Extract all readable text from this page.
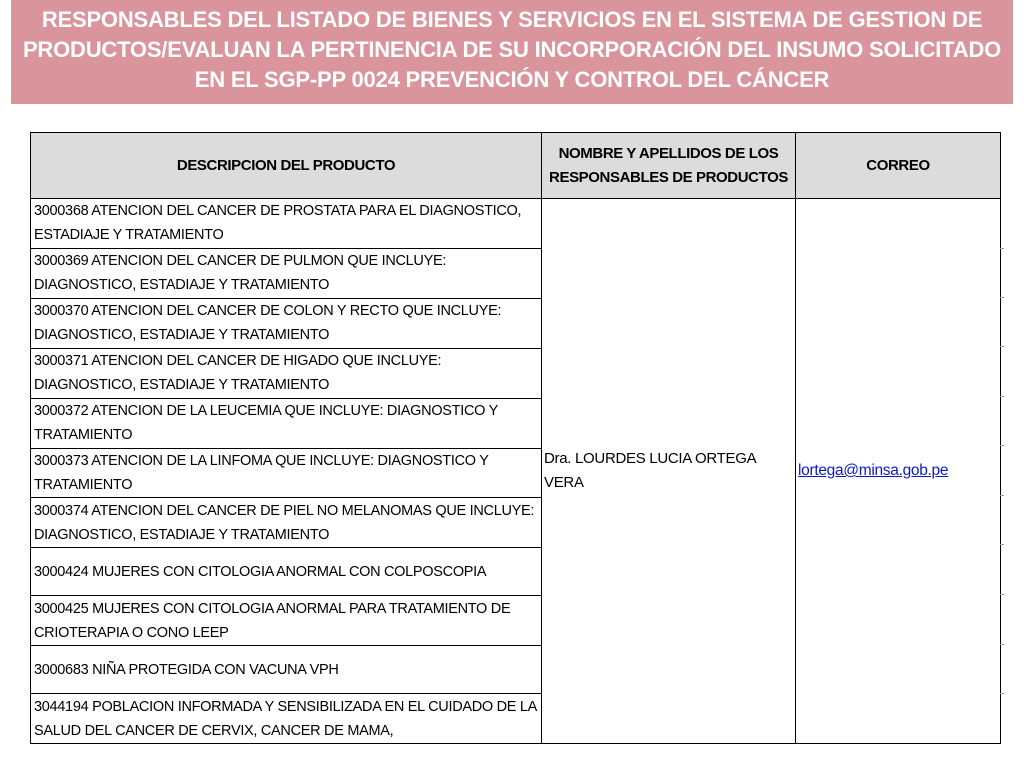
RESPONSABLES DEL LISTADO DE BIENES Y SERVICIOS EN EL SISTEMA DE GESTION DE PRODUCTOS/EVALUAN LA PERTINENCIA DE SU INCORPORACIÓN DEL INSUMO SOLICITADO EN EL SGP-PP 0024 PREVENCIÓN Y CONTROL DEL CÁNCER
DESCRIPCION DEL PRODUCTO	NOMBRE Y APELLIDOS DE LOS RESPONSABLES DE PRODUCTOS	CORREO
3000368 ATENCION DEL CANCER DE PROSTATA PARA EL DIAGNOSTICO, ESTADIAJE Y TRATAMIENTO	Dra. LOURDES LUCIA ORTEGA VERA	lortega@minsa.gob.pe
3000369 ATENCION DEL CANCER DE PULMON QUE INCLUYE: DIAGNOSTICO, ESTADIAJE Y TRATAMIENTO		
3000370 ATENCION DEL CANCER DE COLON Y RECTO QUE INCLUYE: DIAGNOSTICO, ESTADIAJE Y TRATAMIENTO		
3000371 ATENCION DEL CANCER DE HIGADO QUE INCLUYE: DIAGNOSTICO, ESTADIAJE Y TRATAMIENTO		
3000372 ATENCION DE LA LEUCEMIA QUE INCLUYE: DIAGNOSTICO Y TRATAMIENTO		
3000373 ATENCION DE LA LINFOMA QUE INCLUYE: DIAGNOSTICO Y TRATAMIENTO		
3000374 ATENCION DEL CANCER DE PIEL NO MELANOMAS QUE INCLUYE: DIAGNOSTICO, ESTADIAJE Y TRATAMIENTO		
3000424 MUJERES CON CITOLOGIA ANORMAL CON COLPOSCOPIA		
3000425 MUJERES CON CITOLOGIA ANORMAL PARA TRATAMIENTO DE CRIOTERAPIA O CONO LEEP		
3000683 NIÑA PROTEGIDA CON VACUNA VPH		
3044194 POBLACION INFORMADA Y SENSIBILIZADA EN EL CUIDADO DE LA SALUD DEL CANCER DE CERVIX, CANCER DE MAMA,		
